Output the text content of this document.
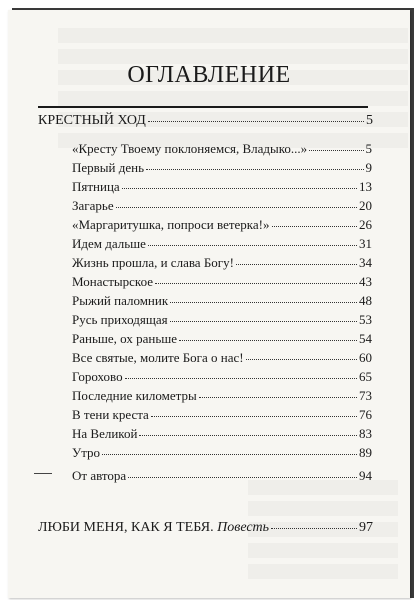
ОГЛАВЛЕНИЕ
КРЕСТНЫЙ ХОД	5
«Кресту Твоему поклоняемся, Владыко...»	5
Первый день	9
Пятница	13
Загарье	20
«Маргаритушка, попроси ветерка!»	26
Идем дальше	31
Жизнь прошла, и слава Богу!	34
Монастырское	43
Рыжий паломник	48
Русь приходящая	53
Раньше, ох раньше	54
Все святые, молите Бога о нас!	60
Горохово	65
Последние километры	73
В тени креста	76
На Великой	83
Утро	89
От автора	94
ЛЮБИ МЕНЯ, КАК Я ТЕБЯ. Повесть	97
